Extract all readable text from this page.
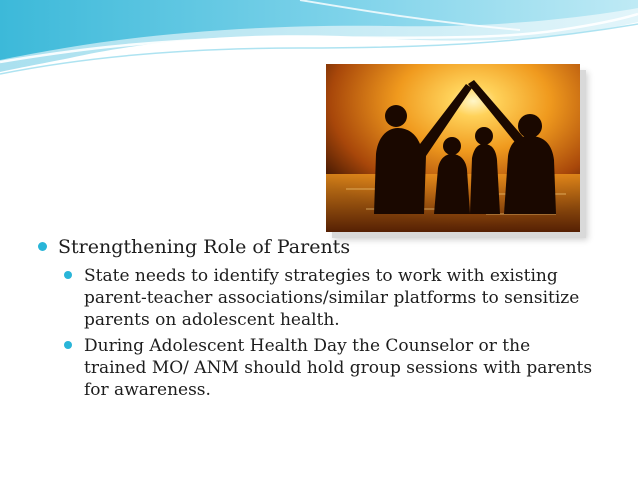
Strengthening Role of Parents
State needs to identify strategies to work with existing parent-teacher associations/similar platforms to sensitize parents on adolescent health.
During Adolescent Health Day the Counselor or the trained MO/ ANM should hold group sessions with parents for awareness.
